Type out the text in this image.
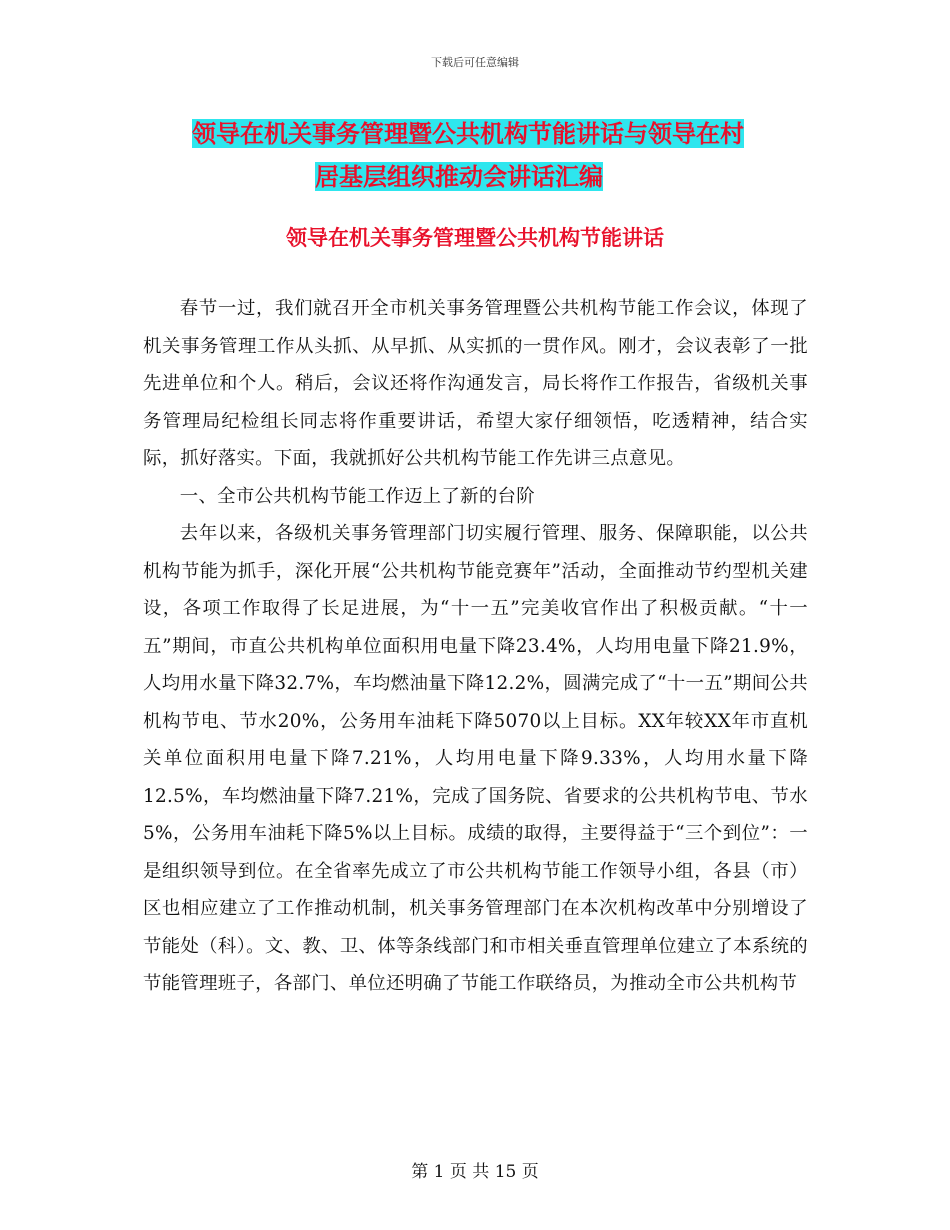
下载后可任意编辑
领导在机关事务管理暨公共机构节能讲话与领导在村
居基层组织推动会讲话汇编
领导在机关事务管理暨公共机构节能讲话

春节一过，我们就召开全市机关事务管理暨公共机构节能工作会议，体现了机关事务管理工作从头抓、从早抓、从实抓的一贯作风。刚才，会议表彰了一批先进单位和个人。稍后，会议还将作沟通发言，局长将作工作报告，省级机关事务管理局纪检组长同志将作重要讲话，希望大家仔细领悟，吃透精神，结合实际，抓好落实。下面，我就抓好公共机构节能工作先讲三点意见。

一、全市公共机构节能工作迈上了新的台阶

去年以来，各级机关事务管理部门切实履行管理、服务、保障职能，以公共机构节能为抓手，深化开展“公共机构节能竞赛年”活动，全面推动节约型机关建设，各项工作取得了长足进展，为“十一五”完美收官作出了积极贡献。“十一五”期间，市直公共机构单位面积用电量下降23.4%，人均用电量下降21.9%，人均用水量下降32.7%，车均燃油量下降12.2%，圆满完成了“十一五”期间公共机构节电、节水20%，公务用车油耗下降5070以上目标。XX年较XX年市直机关单位面积用电量下降7.21%，人均用电量下降9.33%，人均用水量下降12.5%，车均燃油量下降7.21%，完成了国务院、省要求的公共机构节电、节水5%，公务用车油耗下降5%以上目标。成绩的取得，主要得益于“三个到位”：一是组织领导到位。在全省率先成立了市公共机构节能工作领导小组，各县（市）区也相应建立了工作推动机制，机关事务管理部门在本次机构改革中分别增设了节能处（科）。文、教、卫、体等条线部门和市相关垂直管理单位建立了本系统的节能管理班子，各部门、单位还明确了节能工作联络员，为推动全市公共机构节

第 1 页 共 15 页
